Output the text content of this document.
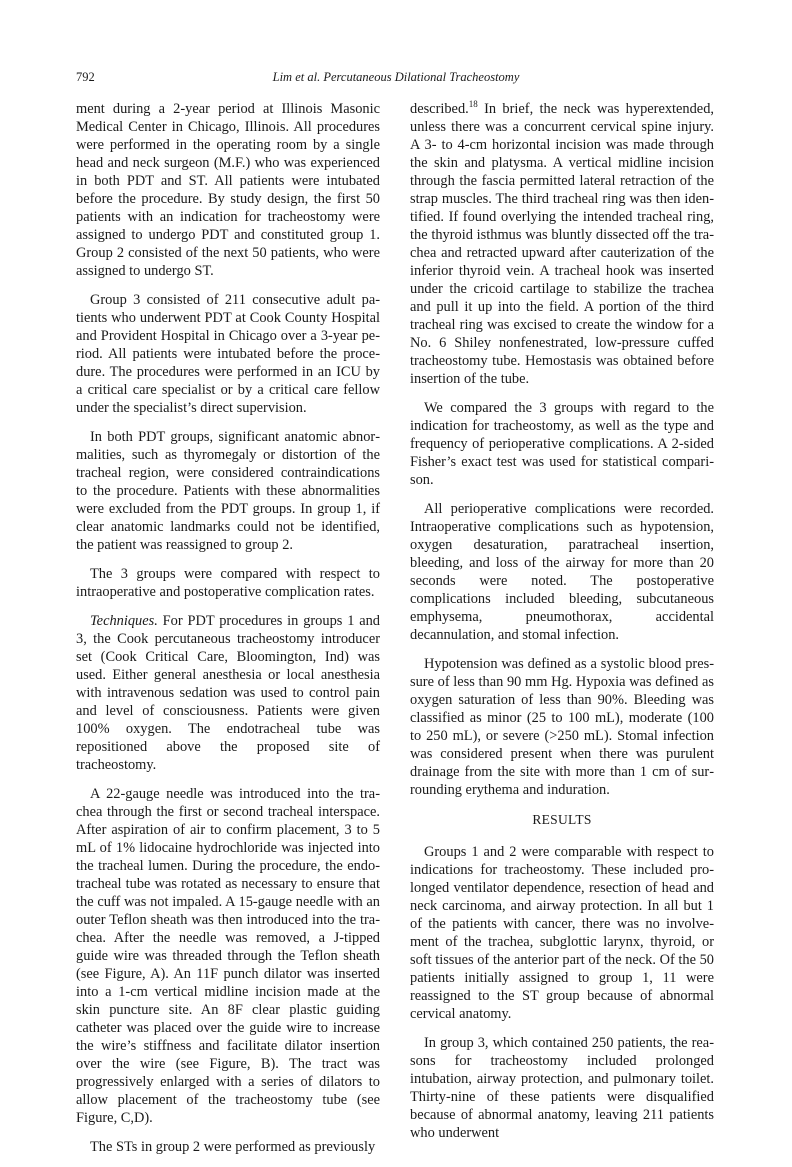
792	Lim et al. Percutaneous Dilational Tracheostomy

ment during a 2-year period at Illinois Masonic Medical Center in Chicago, Illinois. All procedures were performed in the operating room by a single head and neck surgeon (M.F.) who was experienced in both PDT and ST. All patients were intubated before the procedure. By study design, the first 50 patients with an indication for tracheostomy were assigned to undergo PDT and constituted group 1. Group 2 consisted of the next 50 patients, who were assigned to undergo ST.

Group 3 consisted of 211 consecutive adult patients who underwent PDT at Cook County Hospital and Provident Hospital in Chicago over a 3-year period. All patients were intubated before the procedure. The procedures were performed in an ICU by a critical care specialist or by a critical care fellow under the specialist’s direct supervision.

In both PDT groups, significant anatomic abnormalities, such as thyromegaly or distortion of the tracheal region, were considered contraindications to the procedure. Patients with these abnormalities were excluded from the PDT groups. In group 1, if clear anatomic landmarks could not be identified, the patient was reassigned to group 2.

The 3 groups were compared with respect to intraoperative and postoperative complication rates.

Techniques. For PDT procedures in groups 1 and 3, the Cook percutaneous tracheostomy introducer set (Cook Critical Care, Bloomington, Ind) was used. Either general anesthesia or local anesthesia with intravenous sedation was used to control pain and level of consciousness. Patients were given 100% oxygen. The endotracheal tube was repositioned above the proposed site of tracheostomy.

A 22-gauge needle was introduced into the trachea through the first or second tracheal interspace. After aspiration of air to confirm placement, 3 to 5 mL of 1% lidocaine hydrochloride was injected into the tracheal lumen. During the procedure, the endotracheal tube was rotated as necessary to ensure that the cuff was not impaled. A 15-gauge needle with an outer Teflon sheath was then introduced into the trachea. After the needle was removed, a J-tipped guide wire was threaded through the Teflon sheath (see Figure, A). An 11F punch dilator was inserted into a 1-cm vertical midline incision made at the skin puncture site. An 8F clear plastic guiding catheter was placed over the guide wire to increase the wire’s stiffness and facilitate dilator insertion over the wire (see Figure, B). The tract was progressively enlarged with a series of dilators to allow placement of the tracheostomy tube (see Figure, C,D).

The STs in group 2 were performed as previously

described.$^{18}$ In brief, the neck was hyperextended, unless there was a concurrent cervical spine injury. A 3- to 4-cm horizontal incision was made through the skin and platysma. A vertical midline incision through the fascia permitted lateral retraction of the strap muscles. The third tracheal ring was then identified. If found overlying the intended tracheal ring, the thyroid isthmus was bluntly dissected off the trachea and retracted upward after cauterization of the inferior thyroid vein. A tracheal hook was inserted under the cricoid cartilage to stabilize the trachea and pull it up into the field. A portion of the third tracheal ring was excised to create the window for a No. 6 Shiley nonfenestrated, low-pressure cuffed tracheostomy tube. Hemostasis was obtained before insertion of the tube.

We compared the 3 groups with regard to the indication for tracheostomy, as well as the type and frequency of perioperative complications. A 2-sided Fisher’s exact test was used for statistical comparison.

All perioperative complications were recorded. Intraoperative complications such as hypotension, oxygen desaturation, paratracheal insertion, bleeding, and loss of the airway for more than 20 seconds were noted. The postoperative complications included bleeding, subcutaneous emphysema, pneumothorax, accidental decannulation, and stomal infection.

Hypotension was defined as a systolic blood pressure of less than 90 mm Hg. Hypoxia was defined as oxygen saturation of less than 90%. Bleeding was classified as minor (25 to 100 mL), moderate (100 to 250 mL), or severe (>250 mL). Stomal infection was considered present when there was purulent drainage from the site with more than 1 cm of surrounding erythema and induration.

RESULTS

Groups 1 and 2 were comparable with respect to indications for tracheostomy. These included prolonged ventilator dependence, resection of head and neck carcinoma, and airway protection. In all but 1 of the patients with cancer, there was no involvement of the trachea, subglottic larynx, thyroid, or soft tissues of the anterior part of the neck. Of the 50 patients initially assigned to group 1, 11 were reassigned to the ST group because of abnormal cervical anatomy.

In group 3, which contained 250 patients, the reasons for tracheostomy included prolonged intubation, airway protection, and pulmonary toilet. Thirty-nine of these patients were disqualified because of abnormal anatomy, leaving 211 patients who underwent
